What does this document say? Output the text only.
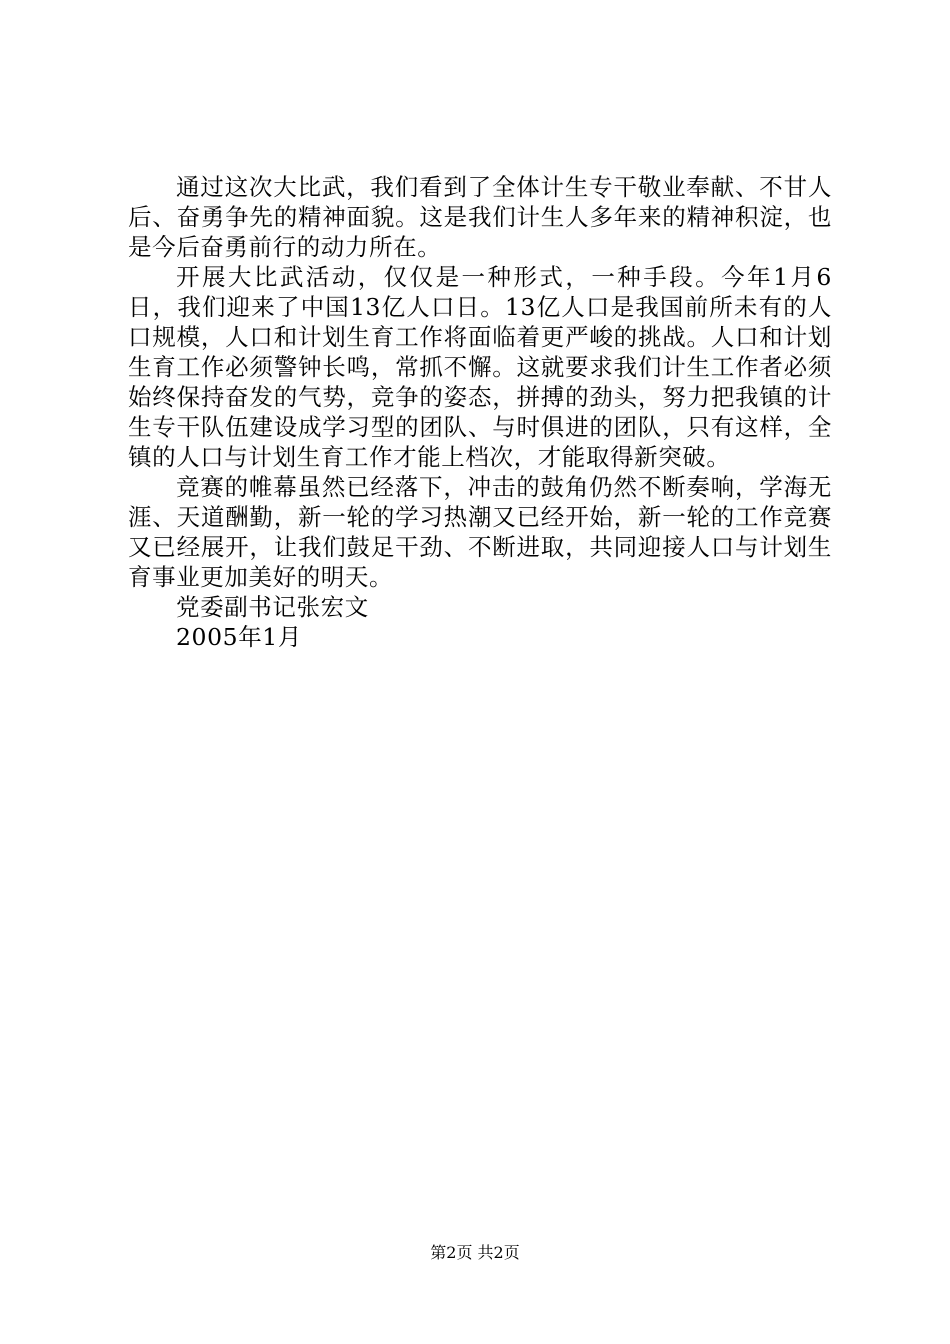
通过这次大比武，我们看到了全体计生专干敬业奉献、不甘人后、奋勇争先的精神面貌。这是我们计生人多年来的精神积淀，也是今后奋勇前行的动力所在。

开展大比武活动，仅仅是一种形式，一种手段。今年1月6日，我们迎来了中国13亿人口日。13亿人口是我国前所未有的人口规模，人口和计划生育工作将面临着更严峻的挑战。人口和计划生育工作必须警钟长鸣，常抓不懈。这就要求我们计生工作者必须始终保持奋发的气势，竞争的姿态，拼搏的劲头，努力把我镇的计生专干队伍建设成学习型的团队、与时俱进的团队，只有这样，全镇的人口与计划生育工作才能上档次，才能取得新突破。

竞赛的帷幕虽然已经落下，冲击的鼓角仍然不断奏响，学海无涯、天道酬勤，新一轮的学习热潮又已经开始，新一轮的工作竞赛又已经展开，让我们鼓足干劲、不断进取，共同迎接人口与计划生育事业更加美好的明天。

党委副书记张宏文

2005年1月

第2页 共2页
